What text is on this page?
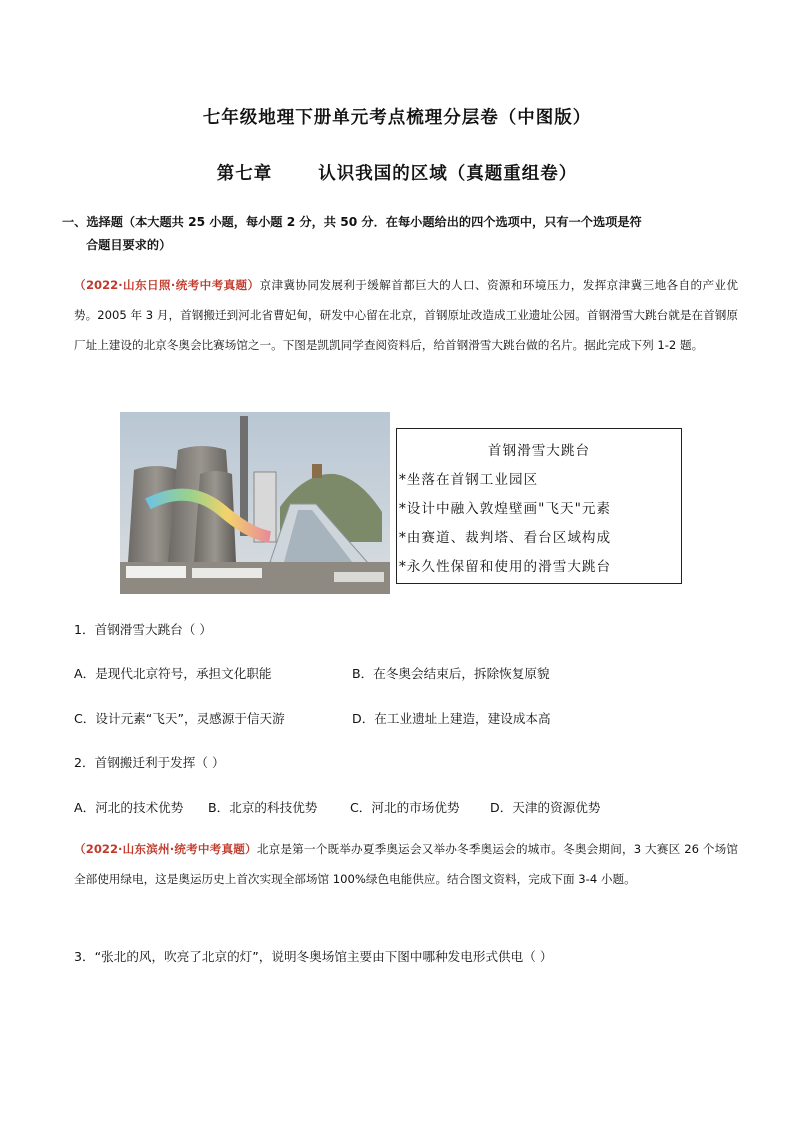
七年级地理下册单元考点梳理分层卷（中图版）
第七章	认识我国的区域（真题重组卷）
一、选择题（本大题共 25 小题，每小题 2 分，共 50 分．在每小题给出的四个选项中，只有一个选项是符
合题目要求的）
（2022·山东日照·统考中考真题）京津冀协同发展利于缓解首都巨大的人口、资源和环境压力，发挥京津冀三地各自的产业优势。2005 年 3 月，首钢搬迁到河北省曹妃甸，研发中心留在北京，首钢原址改造成工业遗址公园。首钢滑雪大跳台就是在首钢原厂址上建设的北京冬奥会比赛场馆之一。下图是凯凯同学查阅资料后，给首钢滑雪大跳台做的名片。据此完成下列 1-2 题。
首钢滑雪大跳台
*坐落在首钢工业园区
*设计中融入敦煌壁画"飞天"元素
*由赛道、裁判塔、看台区域构成
*永久性保留和使用的滑雪大跳台
1．首钢滑雪大跳台（ ）
A．是现代北京符号，承担文化职能	B．在冬奥会结束后，拆除恢复原貌
C．设计元素“飞天”，灵感源于信天游	D．在工业遗址上建造，建设成本高
2．首钢搬迁利于发挥（ ）
A．河北的技术优势 B．北京的科技优势	C．河北的市场优势 D．天津的资源优势
（2022·山东滨州·统考中考真题）北京是第一个既举办夏季奥运会又举办冬季奥运会的城市。冬奥会期间，3 大赛区 26 个场馆全部使用绿电，这是奥运历史上首次实现全部场馆 100%绿色电能供应。结合图文资料，完成下面 3-4 小题。
3．“张北的风，吹亮了北京的灯”，说明冬奥场馆主要由下图中哪种发电形式供电（ ）
